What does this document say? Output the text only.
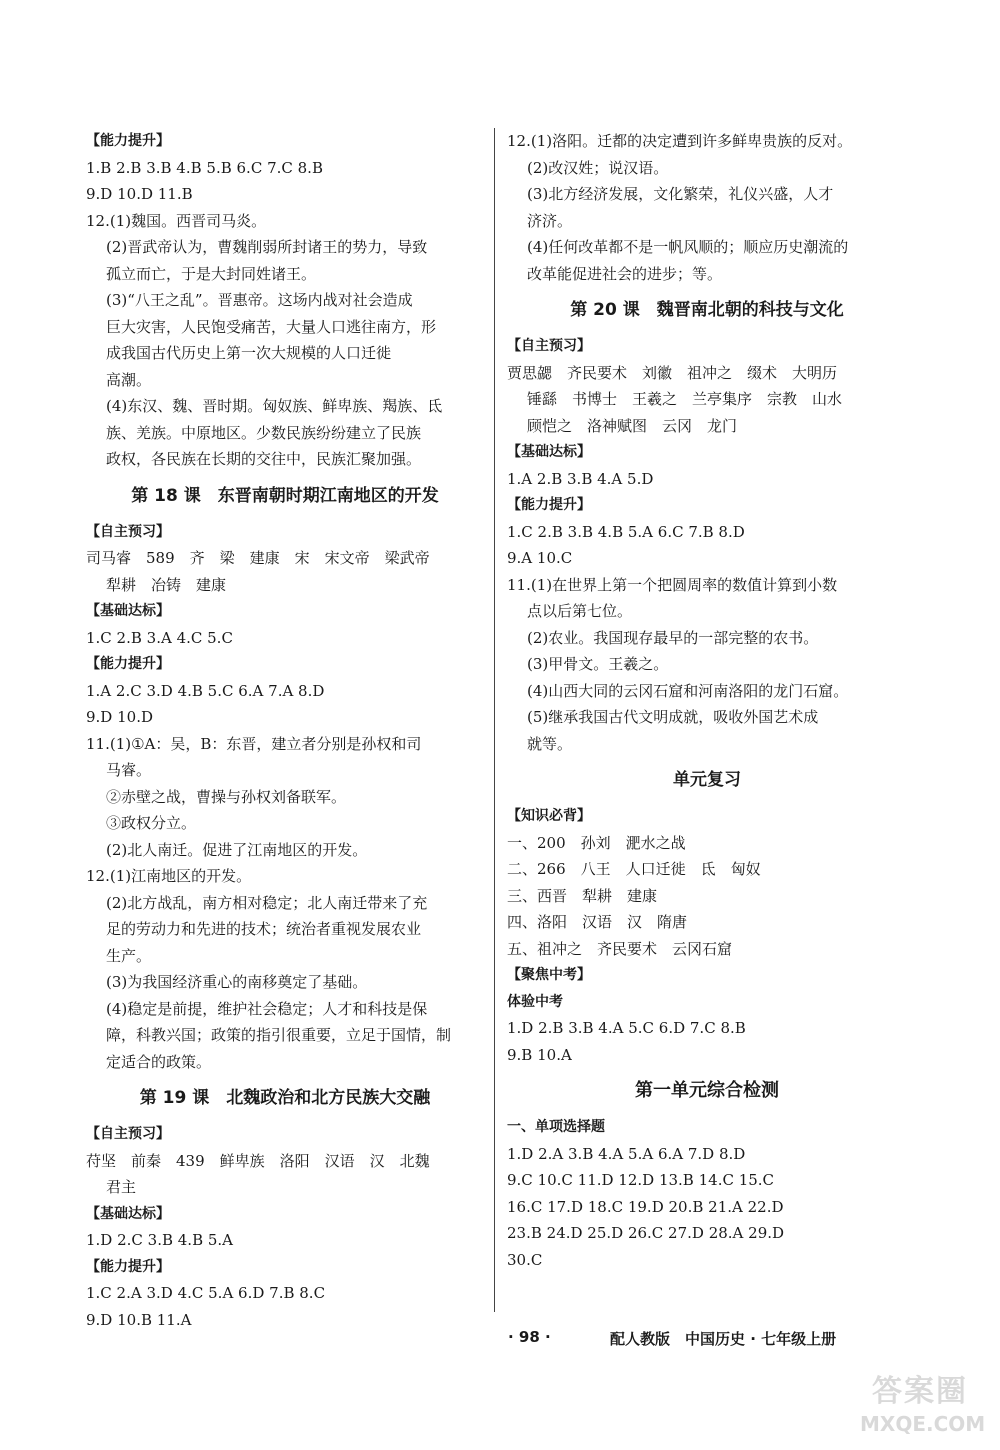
【能力提升】
1.B 2.B 3.B 4.B 5.B 6.C 7.C 8.B
9.D 10.D 11.B
12.(1)魏国。西晋司马炎。
(2)晋武帝认为，曹魏削弱所封诸王的势力，导致
孤立而亡，于是大封同姓诸王。
(3)“八王之乱”。晋惠帝。这场内战对社会造成
巨大灾害，人民饱受痛苦，大量人口逃往南方，形
成我国古代历史上第一次大规模的人口迁徙
高潮。
(4)东汉、魏、晋时期。匈奴族、鲜卑族、羯族、氐
族、羌族。中原地区。少数民族纷纷建立了民族
政权，各民族在长期的交往中，民族汇聚加强。
第 18 课　东晋南朝时期江南地区的开发
【自主预习】
司马睿　589　齐　梁　建康　宋　宋文帝　梁武帝
犁耕　冶铸　建康
【基础达标】
1.C 2.B 3.A 4.C 5.C
【能力提升】
1.A 2.C 3.D 4.B 5.C 6.A 7.A 8.D
9.D 10.D
11.(1)①A：吴，B：东晋，建立者分别是孙权和司
马睿。
②赤壁之战，曹操与孙权刘备联军。
③政权分立。
(2)北人南迁。促进了江南地区的开发。
12.(1)江南地区的开发。
(2)北方战乱，南方相对稳定；北人南迁带来了充
足的劳动力和先进的技术；统治者重视发展农业
生产。
(3)为我国经济重心的南移奠定了基础。
(4)稳定是前提，维护社会稳定；人才和科技是保
障，科教兴国；政策的指引很重要，立足于国情，制
定适合的政策。
第 19 课　北魏政治和北方民族大交融
【自主预习】
苻坚　前秦　439　鲜卑族　洛阳　汉语　汉　北魏
君主
【基础达标】
1.D 2.C 3.B 4.B 5.A
【能力提升】
1.C 2.A 3.D 4.C 5.A 6.D 7.B 8.C
9.D 10.B 11.A
12.(1)洛阳。迁都的决定遭到许多鲜卑贵族的反对。
(2)改汉姓；说汉语。
(3)北方经济发展，文化繁荣，礼仪兴盛，人才
济济。
(4)任何改革都不是一帆风顺的；顺应历史潮流的
改革能促进社会的进步；等。
第 20 课　魏晋南北朝的科技与文化
【自主预习】
贾思勰　齐民要术　刘徽　祖冲之　缀术　大明历
锤繇　书博士　王羲之　兰亭集序　宗教　山水
顾恺之　洛神赋图　云冈　龙门
【基础达标】
1.A 2.B 3.B 4.A 5.D
【能力提升】
1.C 2.B 3.B 4.B 5.A 6.C 7.B 8.D
9.A 10.C
11.(1)在世界上第一个把圆周率的数值计算到小数
点以后第七位。
(2)农业。我国现存最早的一部完整的农书。
(3)甲骨文。王羲之。
(4)山西大同的云冈石窟和河南洛阳的龙门石窟。
(5)继承我国古代文明成就，吸收外国艺术成
就等。
单元复习
【知识必背】
一、200　孙刘　淝水之战
二、266　八王　人口迁徙　氐　匈奴
三、西晋　犁耕　建康
四、洛阳　汉语　汉　隋唐
五、祖冲之　齐民要术　云冈石窟
【聚焦中考】
体验中考
1.D 2.B 3.B 4.A 5.C 6.D 7.C 8.B
9.B 10.A
第一单元综合检测
一、单项选择题
1.D 2.A 3.B 4.A 5.A 6.A 7.D 8.D
9.C 10.C 11.D 12.D 13.B 14.C 15.C
16.C 17.D 18.C 19.D 20.B 21.A 22.D
23.B 24.D 25.D 26.C 27.D 28.A 29.D
30.C
· 98 ·	配人教版　中国历史 · 七年级上册
答案圈
MXQE.COM
